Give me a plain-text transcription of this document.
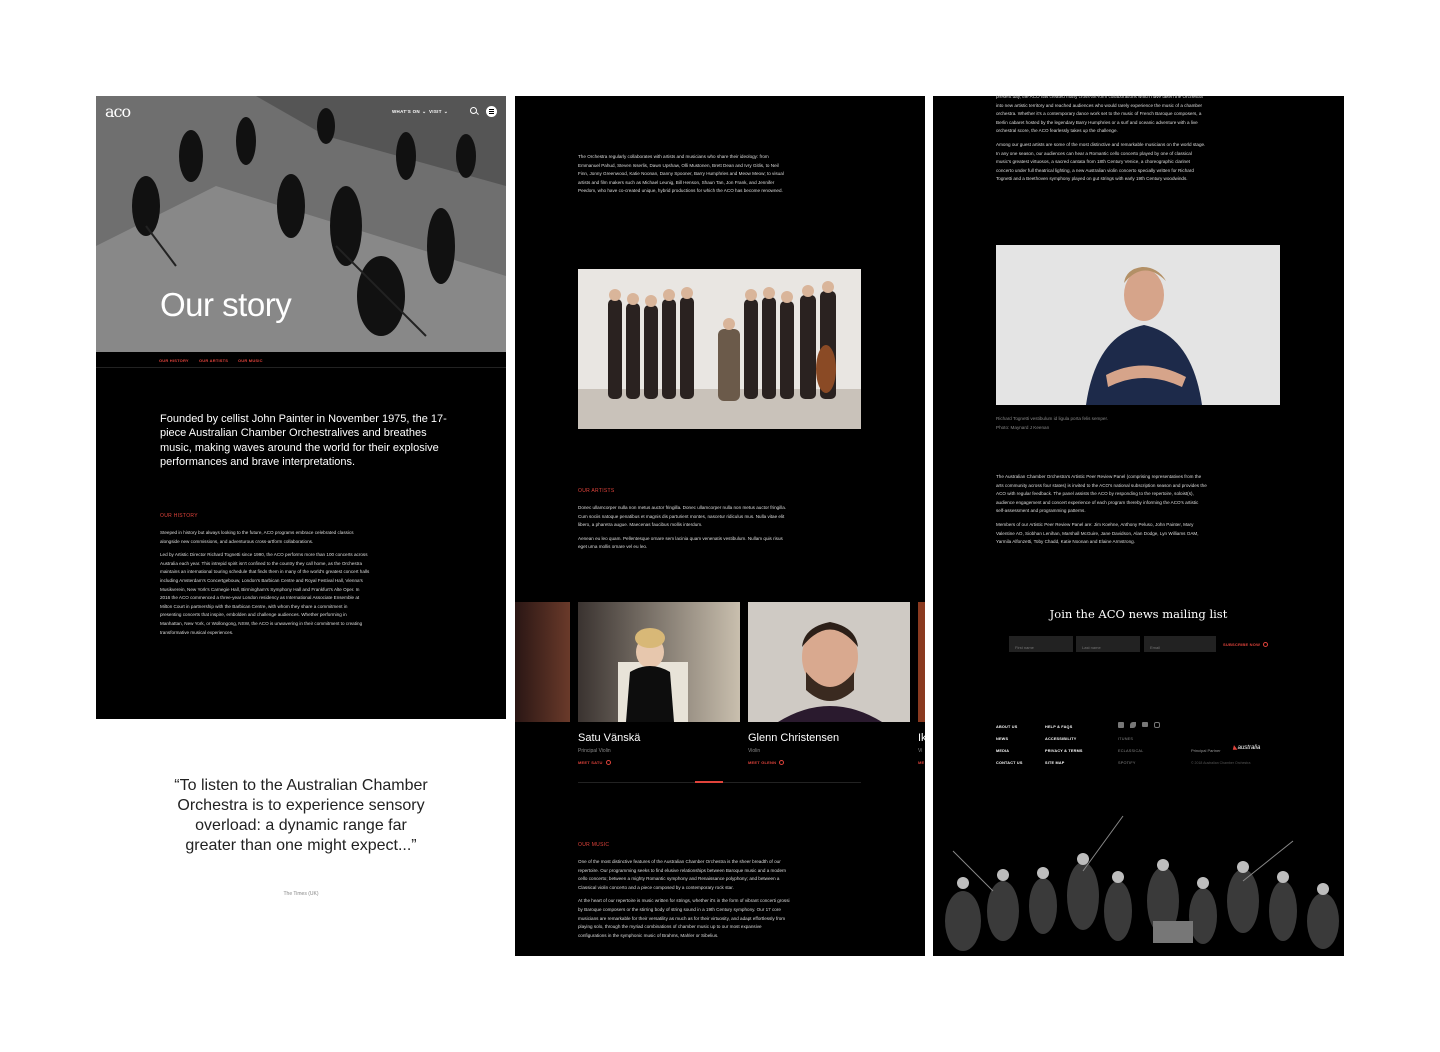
aco	WHAT'S ON ⌄ VISIT ⌄
Our story
OUR HISTORY	OUR ARTISTS OUR MUSIC
Founded by cellist John Painter in November 1975, the 17-piece Australian Chamber Orchestralives and breathes music, making waves around the world for their explosive performances and brave interpretations.
OUR HISTORY

Steeped in history but always looking to the future, ACO programs embrace celebrated classics alongside new commissions, and adventurous cross-artform collaborations.

Led by Artistic Director Richard Tognetti since 1990, the ACO performs more than 100 concerts across Australia each year. This intrepid spirit isn't confined to the country they call home, as the Orchestra maintains an international touring schedule that finds them in many of the world's greatest concert halls including Amsterdam's Concertgebouw, London's Barbican Centre and Royal Festival Hall, Vienna's Musikverein, New York's Carnegie Hall, Birmingham's Symphony Hall and Frankfurt's Alte Oper. In 2016 the ACO commenced a three-year London residency as International Associate Ensemble at Milton Court in partnership with the Barbican Centre, with whom they share a commitment in presenting concerts that inspire, embolden and challenge audiences. Whether performing in Manhattan, New York, or Wollongong, NSW, the ACO is unwavering in their commitment to creating transformative musical experiences.

“To listen to the Australian Chamber Orchestra is to experience sensory overload: a dynamic range far greater than one might expect...”
The Times (UK)

The Orchestra regularly collaborates with artists and musicians who share their ideology: from Emmanuel Pahud, Steven Isserlis, Dawn Upshaw, Olli Mustonen, Brett Dean and Ivry Gitlis, to Neil Finn, Jonny Greenwood, Katie Noonan, Danny Spooner, Barry Humphries and Meow Meow; to visual artists and film makers such as Michael Leunig, Bill Henson, Shaun Tan, Jon Frank, and Jennifer Peedom, who have co-created unique, hybrid productions for which the ACO has become renowned.

OUR ARTISTS

Donec ullamcorper nulla non metus auctor fringilla. Donec ullamcorper nulla non metus auctor fringilla. Cum sociis natoque penatibus et magnis dis parturient montes, nascetur ridiculus mus. Nulla vitae elit libero, a pharetra augue. Maecenas faucibus mollis interdum.

Aenean eu leo quam. Pellentesque ornare sem lacinia quam venenatis vestibulum. Nullam quis risus eget urna mollis ornare vel eu leo.

Satu Vänskä
Principal Violin
MEET SATU
Glenn Christensen
Violin
MEET GLENN
Ik
Vi
ME
OUR MUSIC

One of the most distinctive features of the Australian Chamber Orchestra is the sheer breadth of our repertoire. Our programming seeks to find elusive relationships between Baroque music and a modern cello concerto; between a mighty Romantic symphony and Renaissance polyphony; and between a Classical violin concerto and a piece composed by a contemporary rock star.

At the heart of our repertoire is music written for strings, whether it's in the form of vibrant concerti grossi by Baroque composers or the stirring body of string sound in a 19th Century symphony. Our 17 core musicians are remarkable for their versatility as much as for their virtuosity, and adapt effortlessly from playing solo, through the myriad combinations of chamber music up to our most expansive configurations in the symphonic music of Brahms, Mahler or Sibelius.

present day, the ACO has created many cross-art-form collaborations which have taken the Orchestra into new artistic territory and reached audiences who would rarely experience the music of a chamber orchestra. Whether it's a contemporary dance work set to the music of French Baroque composers, a Berlin cabaret hosted by the legendary Barry Humphries or a surf and oceanic adventure with a live orchestral score, the ACO fearlessly takes up the challenge.

Among our guest artists are some of the most distinctive and remarkable musicians on the world stage. In any one season, our audiences can hear a Romantic cello concerto played by one of classical music's greatest virtuosos, a sacred cantata from 18th Century Venice, a choreographic clarinet concerto under full theatrical lighting, a new Australian violin concerto specially written for Richard Tognetti and a Beethoven symphony played on gut strings with early 19th Century woodwinds.

Richard Tognetti vestibulum id ligula porta felis semper.
Photo: Maynard J Keenan

The Australian Chamber Orchestra's Artistic Peer Review Panel (comprising representatives from the arts community across four states) is invited to the ACO's national subscription season and provides the ACO with regular feedback. The panel assists the ACO by responding to the repertoire, soloist(s), audience engagement and concert experience of each program thereby informing the ACO's artistic self-assessment and programming patterns.

Members of our Artistic Peer Review Panel are: Jim Koehne, Anthony Peluso, John Painter, Mary Valentine AO, Siobhan Lenihan, Marshall McGuire, Jane Davidson, Alan Dodge, Lyn Williams OAM, Yarmila Alfonzetti, Toby Chadd, Katie Noonan and Elaine Armstrong.

Join the ACO news mailing list
First name
Last name
Email
SUBSCRIBE NOW
ABOUT US
NEWS
MEDIA
CONTACT US
HELP & FAQS
ACCESSIBILITY
PRIVACY & TERMS
SITE MAP
ITUNES
ECLASSICAL
SPOTIFY
Principal Partner ◣australia
© 2018 Australian Chamber Orchestra
